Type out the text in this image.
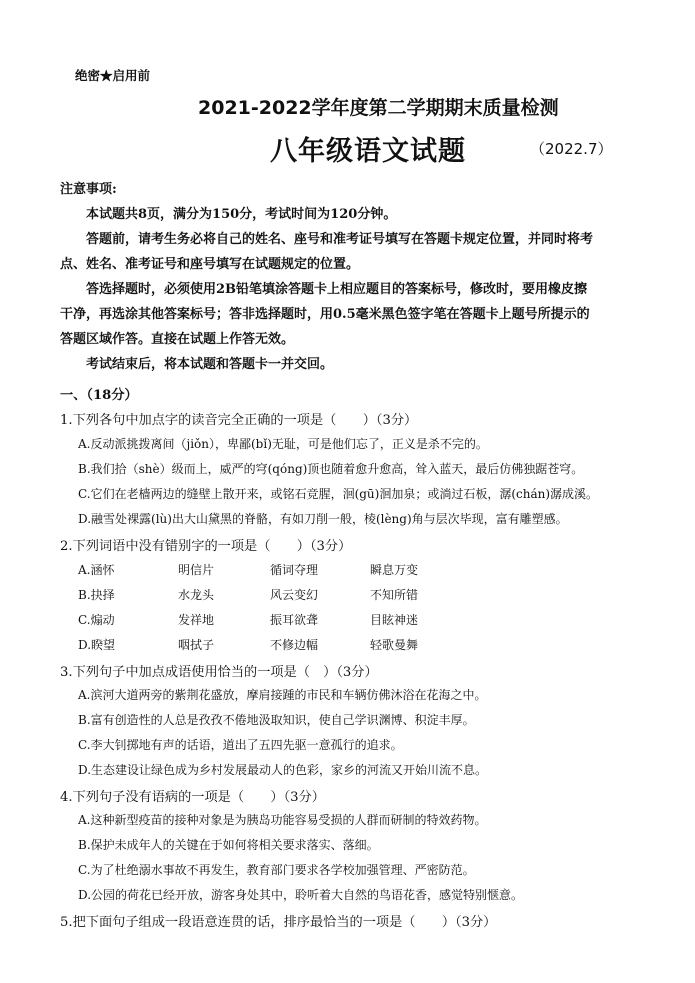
绝密★启用前
2021-2022学年度第二学期期末质量检测
八年级语文试题	（2022.7）
注意事项:
本试题共8页，满分为150分，考试时间为120分钟。
答题前，请考生务必将自己的姓名、座号和准考证号填写在答题卡规定位置，并同时将考
点、姓名、准考证号和座号填写在试题规定的位置。
答选择题时，必须使用2B铅笔填涂答题卡上相应题目的答案标号，修改时，要用橡皮擦
干净，再选涂其他答案标号；答非选择题时，用0.5毫米黑色签字笔在答题卡上题号所提示的
答题区域作答。直接在试题上作答无效。
考试结束后，将本试题和答题卡一并交回。
一、（18分）
1.下列各句中加点字的读音完全正确的一项是（　　）（3分）
A.反动派挑拨离间（jiǒn），卑鄙(bǐ)无耻，可是他们忘了，正义是杀不完的。
B.我们拾（shè）级而上，威严的穹(qóng)顶也随着愈升愈高，耸入蓝天，最后仿佛独踞苍穹。
C.它们在老樯两边的缝壁上散开来，或铭石竞腥，洄(gū)洄加泉；或淌过石板，潺(chán)潺成溪。
D.融雪处裸露(lù)出大山黛黑的脊骼，有如刀削一般，棱(lèng)角与层次毕现，富有雕塑感。
2.下列词语中没有错别字的一项是（　　）（3分）
A.涵怀	明信片	循词夺理	瞬息万变
B.抉择	水龙头	风云变幻	不知所错
C.煽动	发祥地	振耳欲聋	目眩神迷
D.睽望	咽拭子	不修边幅	轻歌曼舞
3.下列句子中加点成语使用恰当的一项是（　）（3分）
A.滨河大道两旁的紫荆花盛放，摩肩接踵的市民和车辆仿佛沐浴在花海之中。
B.富有创造性的人总是孜孜不倦地汲取知识，使自己学识渊博、积淀丰厚。
C.李大钊掷地有声的话语，道出了五四先驱一意孤行的追求。
D.生态建设让绿色成为乡村发展最动人的色彩，家乡的河流又开始川流不息。
4.下列句子没有语病的一项是（　　）（3分）
A.这种新型疫苗的接种对象是为胰岛功能容易受损的人群而研制的特效药物。
B.保护未成年人的关键在于如何将相关要求落实、落细。
C.为了杜绝溺水事故不再发生，教育部门要求各学校加强管理、严密防范。
D.公园的荷花已经开放，游客身处其中，聆听着大自然的鸟语花香，感觉特别惬意。
5.把下面句子组成一段语意连贯的话，排序最恰当的一项是（　　）（3分）
